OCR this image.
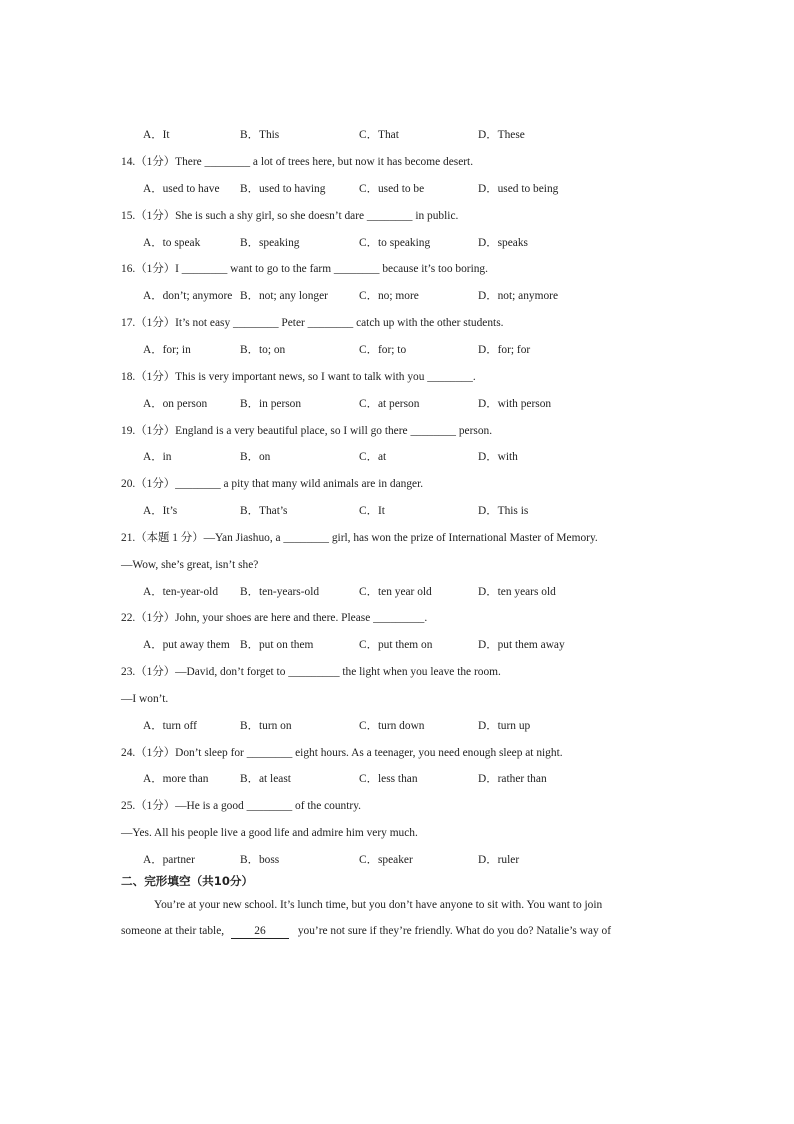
A．It	B．This	C．That	D．These
14.（1分）There ________ a lot of trees here, but now it has become desert.
A．used to have B．used to having	C．used to be	D．used to being
15.（1分）She is such a shy girl, so she doesn’t dare ________ in public.
A．to speak	B．speaking	C．to speaking	D．speaks
16.（1分）I ________ want to go to the farm ________ because it’s too boring.
A．don’t; anymore B．not; any longer	C．no; more	D．not; anymore
17.（1分）It’s not easy ________ Peter ________ catch up with the other students.
A．for; in	B．to; on	C．for; to	D．for; for
18.（1分）This is very important news, so I want to talk with you ________.
A．on person	B．in person	C．at person	D．with person
19.（1分）England is a very beautiful place, so I will go there ________ person.
A．in	B．on	C．at	D．with
20.（1分）________ a pity that many wild animals are in danger.
A．It’s	B．That’s	C．It	D．This is
21.（本题 1 分）—Yan Jiashuo, a ________ girl, has won the prize of International Master of Memory.
—Wow, she’s great, isn’t she?
A．ten-year-old B．ten-years-old	C．ten year old	D．ten years old
22.（1分）John, your shoes are here and there. Please _________.
A．put away them B．put on them	C．put them on	D．put them away
23.（1分）—David, don’t forget to _________ the light when you leave the room.
—I won’t.
A．turn off	B．turn on	C．turn down	D．turn up
24.（1分）Don’t sleep for ________ eight hours. As a teenager, you need enough sleep at night.
A．more than	B．at least	C．less than	D．rather than
25.（1分）—He is a good ________ of the country.
—Yes. All his people live a good life and admire him very much.
A．partner	B．boss	C．speaker	D．ruler
二、完形填空（共10分）
You’re at your new school. It’s lunch time, but you don’t have anyone to sit with. You want to join
someone at their table,	26	you’re not sure if they’re friendly. What do you do? Natalie’s way of
